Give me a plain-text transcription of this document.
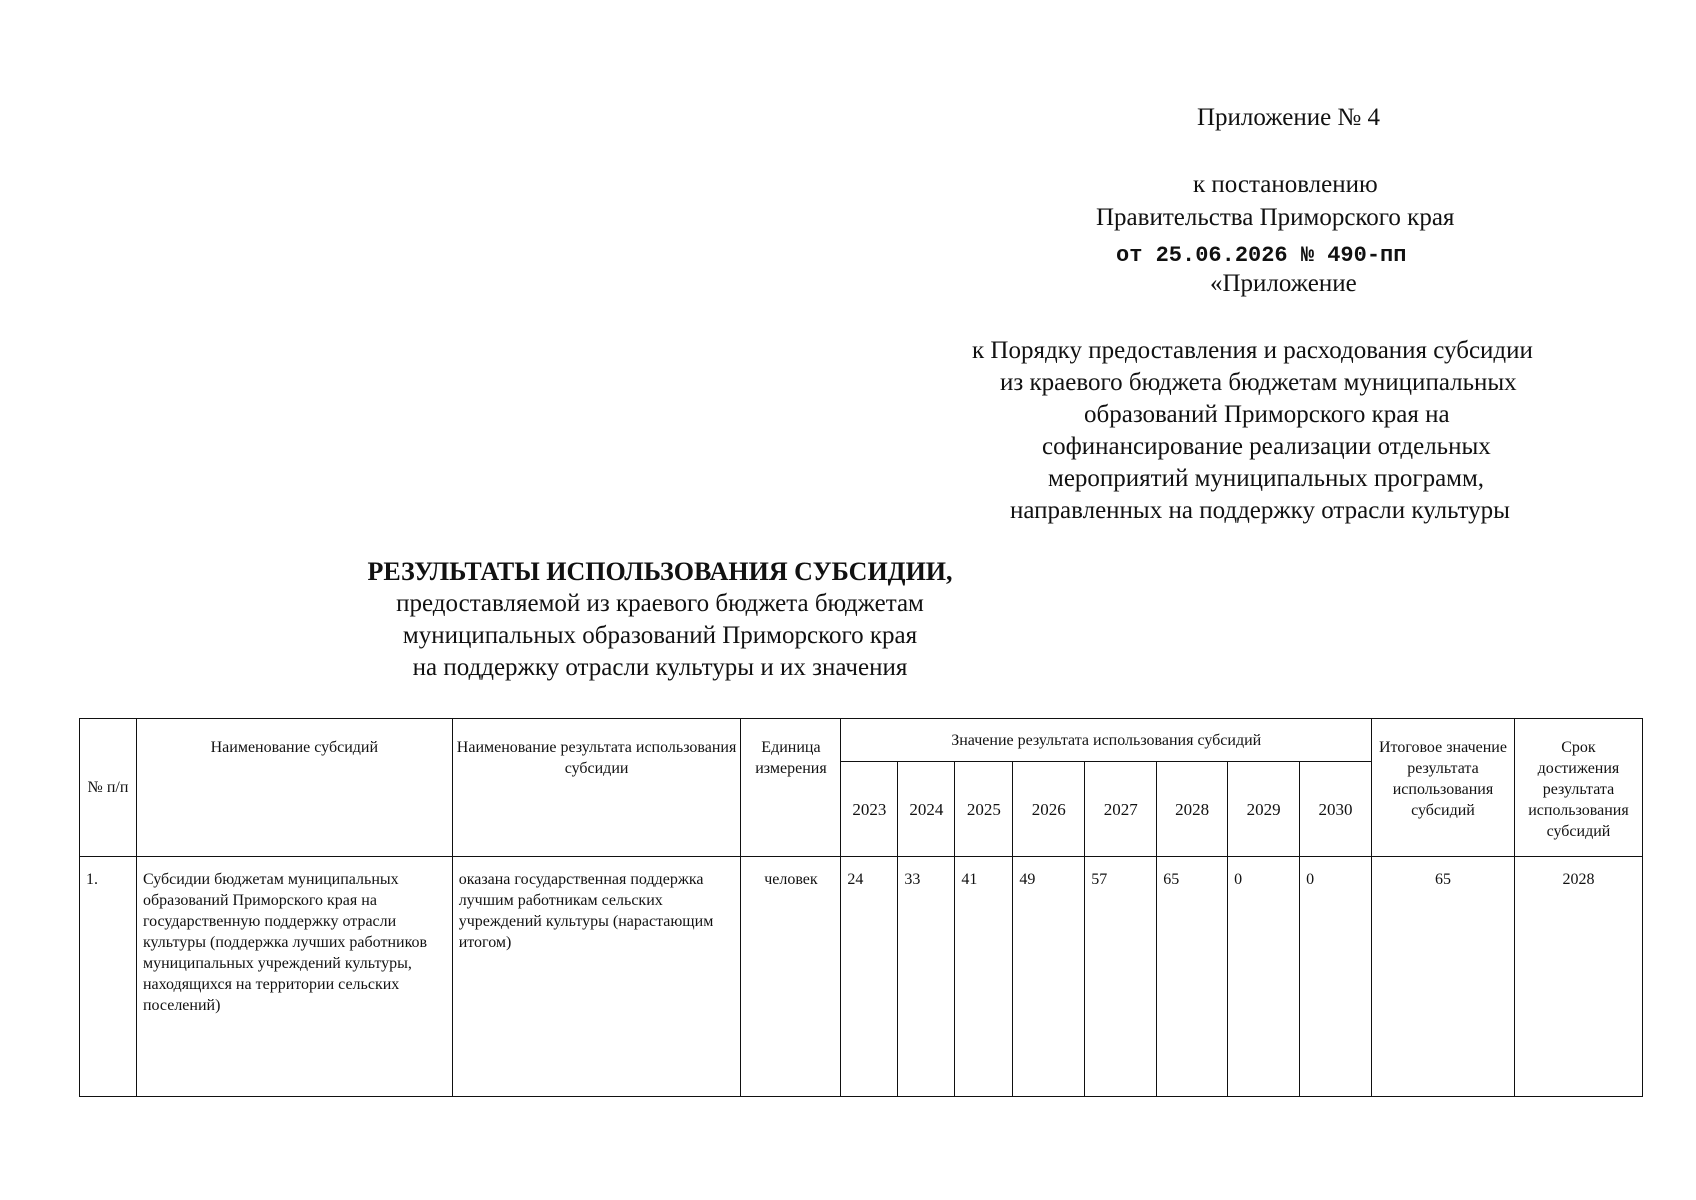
Приложение № 4
к постановлению
Правительства Приморского края
от 25.06.2026 № 490-пп
«Приложение
к Порядку предоставления и расходования субсидии
из краевого бюджета бюджетам муниципальных
образований Приморского края на
софинансирование реализации отдельных
мероприятий муниципальных программ,
направленных на поддержку отрасли культуры
РЕЗУЛЬТАТЫ ИСПОЛЬЗОВАНИЯ СУБСИДИИ,
предоставляемой из краевого бюджета бюджетам
муниципальных образований Приморского края
на поддержку отрасли культуры и их значения
№ п/п	Наименование субсидий	Наименование результата использования субсидии	Единица измерения	Значение результата использования субсидий								Итоговое значение результата использования субсидий	Срок достижения результата использования субсидий
				2023	2024	2025	2026	2027	2028	2029	2030		
1.	Субсидии бюджетам муниципальных образований Приморского края на государственную поддержку отрасли культуры (поддержка лучших работников муниципальных учреждений культуры, находящихся на территории сельских поселений)	оказана государственная поддержка лучшим работникам сельских учреждений культуры (нарастающим итогом)	человек	24	33	41	49	57	65	0	0	65	2028
